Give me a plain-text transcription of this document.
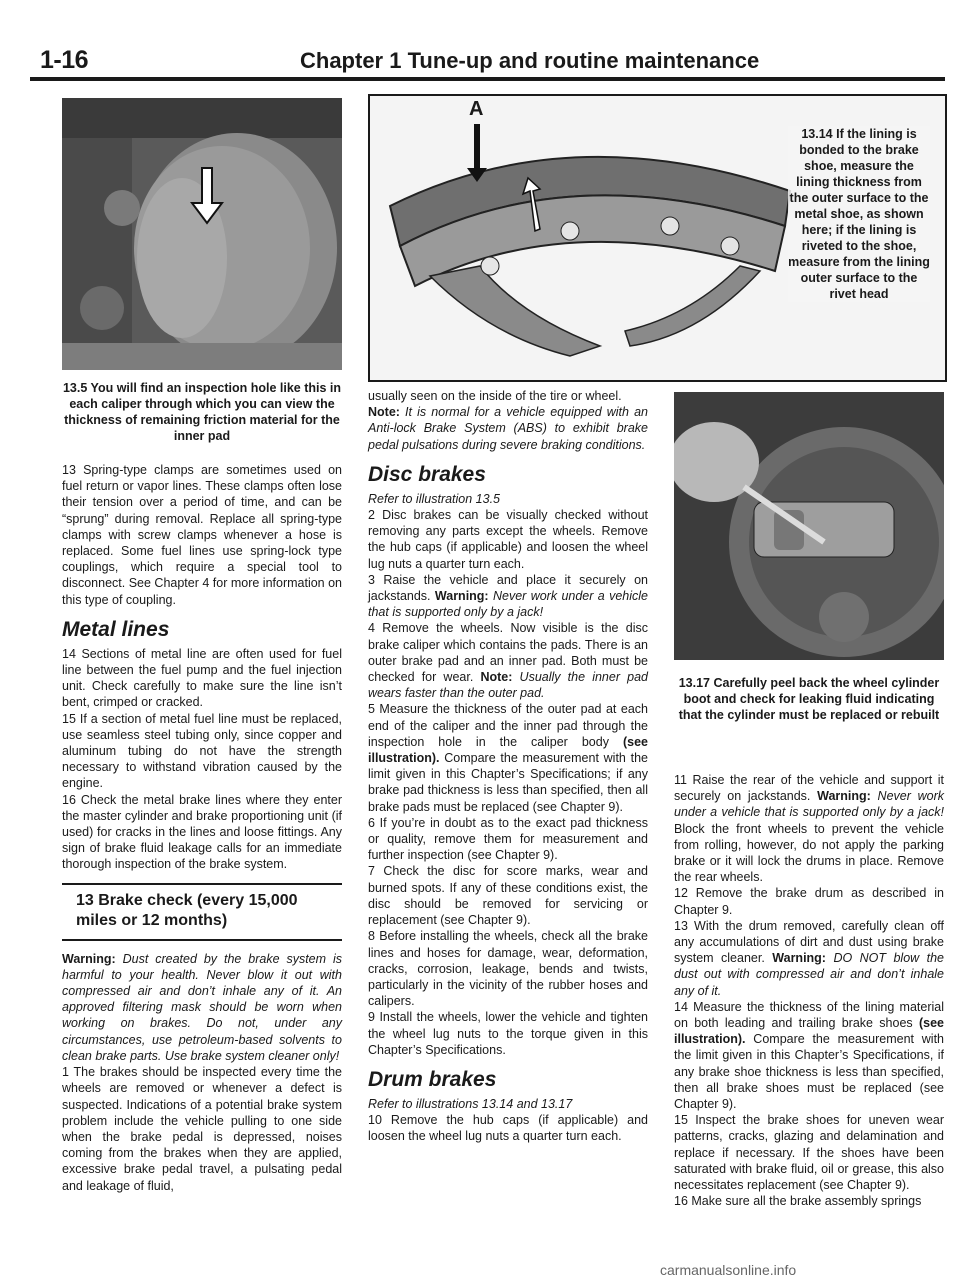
1-16	Chapter 1 Tune-up and routine maintenance
13.5 You will find an inspection hole like this in each caliper through which you can view the thickness of remaining friction material for the inner pad
A
13.14 If the lining is bonded to the brake shoe, measure the lining thickness from the outer surface to the metal shoe, as shown here; if the lining is riveted to the shoe, measure from the lining outer surface to the rivet head
13.17 Carefully peel back the wheel cylinder boot and check for leaking fluid indicating that the cylinder must be replaced or rebuilt

13 Spring-type clamps are sometimes used on fuel return or vapor lines. These clamps often lose their tension over a period of time, and can be “sprung” during removal. Replace all spring-type clamps with screw clamps whenever a hose is replaced. Some fuel lines use spring-lock type couplings, which require a special tool to disconnect. See Chapter 4 for more information on this type of coupling.

Metal lines

14 Sections of metal line are often used for fuel line between the fuel pump and the fuel injection unit. Check carefully to make sure the line isn’t bent, crimped or cracked.

15 If a section of metal fuel line must be replaced, use seamless steel tubing only, since copper and aluminum tubing do not have the strength necessary to withstand vibration caused by the engine.

16 Check the metal brake lines where they enter the master cylinder and brake proportioning unit (if used) for cracks in the lines and loose fittings. Any sign of brake fluid leakage calls for an immediate thorough inspection of the brake system.

13 Brake check (every 15,000 miles or 12 months)

Warning: Dust created by the brake system is harmful to your health. Never blow it out with compressed air and don’t inhale any of it. An approved filtering mask should be worn when working on brakes. Do not, under any circumstances, use petroleum-based solvents to clean brake parts. Use brake system cleaner only!

1 The brakes should be inspected every time the wheels are removed or whenever a defect is suspected. Indications of a potential brake system problem include the vehicle pulling to one side when the brake pedal is depressed, noises coming from the brakes when they are applied, excessive brake pedal travel, a pulsating pedal and leakage of fluid,

usually seen on the inside of the tire or wheel.

Note: It is normal for a vehicle equipped with an Anti-lock Brake System (ABS) to exhibit brake pedal pulsations during severe braking conditions.

Disc brakes

Refer to illustration 13.5

2 Disc brakes can be visually checked without removing any parts except the wheels. Remove the hub caps (if applicable) and loosen the wheel lug nuts a quarter turn each.

3 Raise the vehicle and place it securely on jackstands. Warning: Never work under a vehicle that is supported only by a jack!

4 Remove the wheels. Now visible is the disc brake caliper which contains the pads. There is an outer brake pad and an inner pad. Both must be checked for wear. Note: Usually the inner pad wears faster than the outer pad.

5 Measure the thickness of the outer pad at each end of the caliper and the inner pad through the inspection hole in the caliper body (see illustration). Compare the measurement with the limit given in this Chapter’s Specifications; if any brake pad thickness is less than specified, then all brake pads must be replaced (see Chapter 9).

6 If you’re in doubt as to the exact pad thickness or quality, remove them for measurement and further inspection (see Chapter 9).

7 Check the disc for score marks, wear and burned spots. If any of these conditions exist, the disc should be removed for servicing or replacement (see Chapter 9).

8 Before installing the wheels, check all the brake lines and hoses for damage, wear, deformation, cracks, corrosion, leakage, bends and twists, particularly in the vicinity of the rubber hoses and calipers.

9 Install the wheels, lower the vehicle and tighten the wheel lug nuts to the torque given in this Chapter’s Specifications.

Drum brakes

Refer to illustrations 13.14 and 13.17

10 Remove the hub caps (if applicable) and loosen the wheel lug nuts a quarter turn each.

11 Raise the rear of the vehicle and support it securely on jackstands. Warning: Never work under a vehicle that is supported only by a jack! Block the front wheels to prevent the vehicle from rolling, however, do not apply the parking brake or it will lock the drums in place. Remove the rear wheels.

12 Remove the brake drum as described in Chapter 9.

13 With the drum removed, carefully clean off any accumulations of dirt and dust using brake system cleaner. Warning: DO NOT blow the dust out with compressed air and don’t inhale any of it.

14 Measure the thickness of the lining material on both leading and trailing brake shoes (see illustration). Compare the measurement with the limit given in this Chapter’s Specifications, if any brake shoe thickness is less than specified, then all brake shoes must be replaced (see Chapter 9).

15 Inspect the brake shoes for uneven wear patterns, cracks, glazing and delamination and replace if necessary. If the shoes have been saturated with brake fluid, oil or grease, this also necessitates replacement (see Chapter 9).

16 Make sure all the brake assembly springs

carmanualsonline.info
